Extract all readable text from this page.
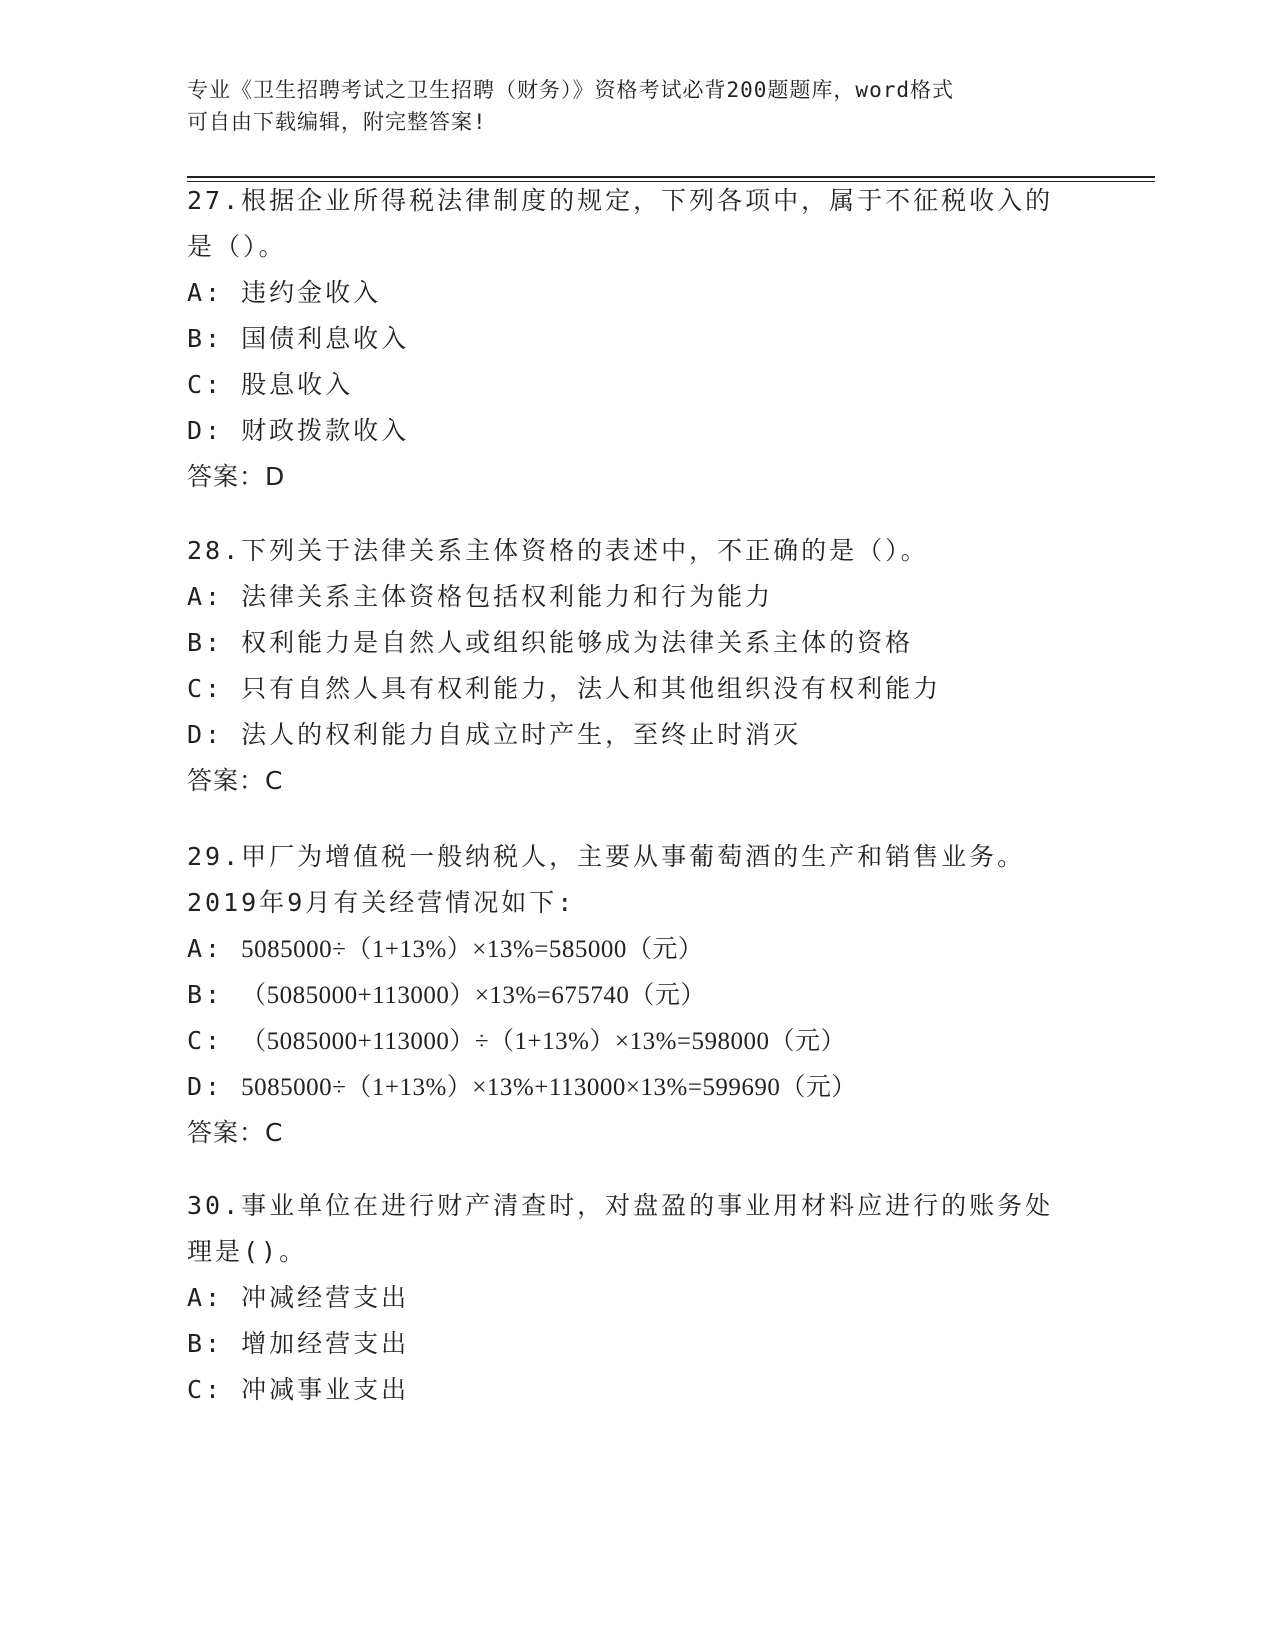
专业《卫生招聘考试之卫生招聘（财务）》资格考试必背200题题库，word格式
可自由下载编辑，附完整答案!
27.根据企业所得税法律制度的规定，下列各项中，属于不征税收入的
是（）。
A: 违约金收入
B: 国债利息收入
C: 股息收入
D: 财政拨款收入
答案：D
28.下列关于法律关系主体资格的表述中，不正确的是（）。
A: 法律关系主体资格包括权利能力和行为能力
B: 权利能力是自然人或组织能够成为法律关系主体的资格
C: 只有自然人具有权利能力，法人和其他组织没有权利能力
D: 法人的权利能力自成立时产生，至终止时消灭
答案：C
29.甲厂为增值税一般纳税人，主要从事葡萄酒的生产和销售业务。
2019年9月有关经营情况如下:
A: 5085000÷（1+13%）×13%=585000（元）
B: （5085000+113000）×13%=675740（元）
C: （5085000+113000）÷（1+13%）×13%=598000（元）
D: 5085000÷（1+13%）×13%+113000×13%=599690（元）
答案：C
30.事业单位在进行财产清查时，对盘盈的事业用材料应进行的账务处
理是()。
A: 冲减经营支出
B: 增加经营支出
C: 冲减事业支出
